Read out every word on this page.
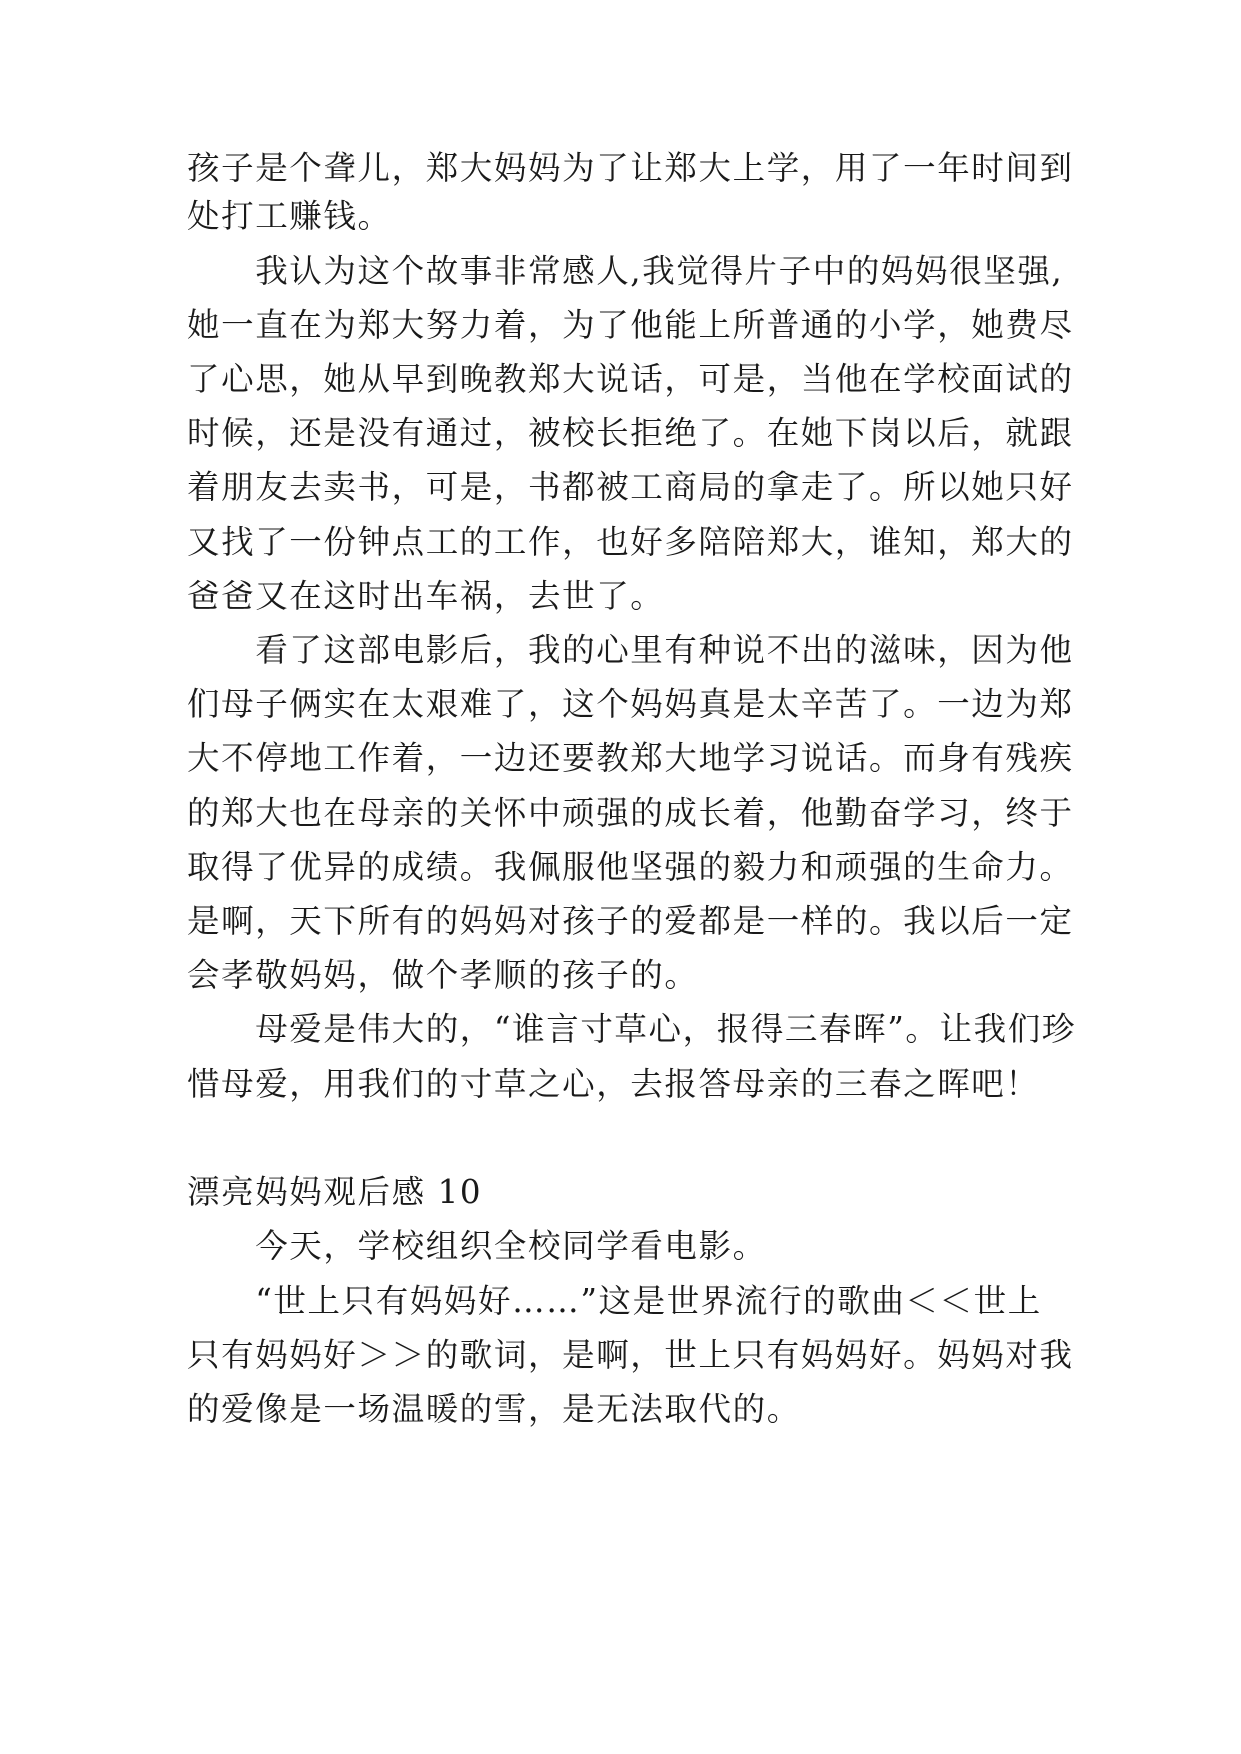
孩子是个聋儿，郑大妈妈为了让郑大上学，用了一年时间到
处打工赚钱。
　　我认为这个故事非常感人,我觉得片子中的妈妈很坚强,
她一直在为郑大努力着，为了他能上所普通的小学，她费尽
了心思，她从早到晚教郑大说话，可是，当他在学校面试的
时候，还是没有通过，被校长拒绝了。在她下岗以后，就跟
着朋友去卖书，可是，书都被工商局的拿走了。所以她只好
又找了一份钟点工的工作，也好多陪陪郑大，谁知，郑大的
爸爸又在这时出车祸，去世了。
　　看了这部电影后，我的心里有种说不出的滋味，因为他
们母子俩实在太艰难了，这个妈妈真是太辛苦了。一边为郑
大不停地工作着，一边还要教郑大地学习说话。而身有残疾
的郑大也在母亲的关怀中顽强的成长着，他勤奋学习，终于
取得了优异的成绩。我佩服他坚强的毅力和顽强的生命力。
是啊，天下所有的妈妈对孩子的爱都是一样的。我以后一定
会孝敬妈妈，做个孝顺的孩子的。
　　母爱是伟大的，“谁言寸草心，报得三春晖”。让我们珍
惜母爱，用我们的寸草之心，去报答母亲的三春之晖吧！
漂亮妈妈观后感 10
　　今天，学校组织全校同学看电影。
　　“世上只有妈妈好……”这是世界流行的歌曲＜＜世上
只有妈妈好＞＞的歌词，是啊，世上只有妈妈好。妈妈对我
的爱像是一场温暖的雪，是无法取代的。
